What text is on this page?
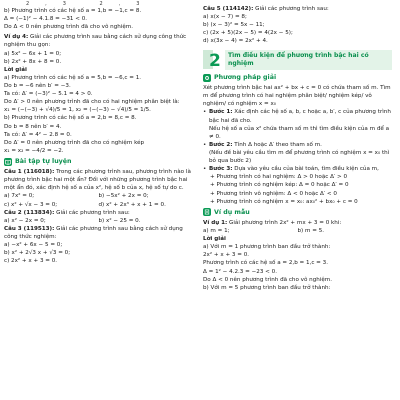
2,3 2,3
b) Phương trình có các hệ số a = 1,b = −1,c = 8.
Δ = (−1)² − 4.1.8 = −31 < 0.
Do Δ < 0 nên phương trình đã cho vô nghiệm.

Ví dụ 4: Giải các phương trình sau bằng cách sử dụng công thức nghiệm thu gọn:

a) 5x² − 6x + 1 = 0;
b) 2x² + 8x + 8 = 0.
Lời giải
a) Phương trình có các hệ số a = 5,b = −6,c = 1.
Do b = −6 nên b′ = −3.
Ta có: Δ′ = (−3)² − 5.1 = 4 > 0.

Do Δ′ > 0 nên phương trình đã cho có hai nghiệm phân biệt là:

x₁ = (−(−3) + √4)/5 = 1, x₂ = (−(−3) − √4)/5 = 1/5.
b) Phương trình có các hệ số a = 2,b = 8,c = 8.
Do b = 8 nên b′ = 4.
Ta có: Δ′ = 4² − 2.8 = 0.
Do Δ′ = 0 nên phương trình đã cho có nghiệm kép
x₁ = x₂ = −4/2 = −2.
Bài tập tự luyện

Câu 1 (116018): Trong các phương trình sau, phương trình nào là phương trình bậc hai một ẩn? Đối với những phương trình bậc hai một ẩn đó, xác định hệ số a của x², hệ số b của x, hệ số tự do c.

a) 7x² = 0;	b) −5x² + 2x = 0;
c) x² + √x − 3 = 0;	d) x² + 2x³ + x + 1 = 0.

Câu 2 (113834): Giải các phương trình sau:

a) x² − 2x = 0;	b) x² − 25 = 0.

Câu 3 (119513): Giải các phương trình sau bằng cách sử dụng công thức nghiệm:

a) −x² + 6x − 5 = 0;
b) x² + 2√3 x + √3 = 0;
c) 2x² + x + 3 = 0.

Câu 5 (114142): Giải các phương trình sau:

a) x(x − 7) = 8;
b) (x − 3)² = 5x − 11;
c) (2x + 5)(2x − 5) = 4(2x − 5);
d) x(3x − 4) = 2x² + 4.
2	Tìm điều kiện để phương trình bậc hai có nghiệm
Phương pháp giải

Xét phương trình bậc hai ax² + bx + c = 0 có chứa tham số m. Tìm m để phương trình có hai nghiệm phân biệt/ nghiệm kép/ vô nghiệm/ có nghiệm x = x₀

• Bước 1: Xác định các hệ số a, b, c hoặc a, b′, c của phương trình bậc hai đã cho.

Nếu hệ số a của x² chứa tham số m thì tìm điều kiện của m để a ≠ 0.

• Bước 2: Tính Δ hoặc Δ′ theo tham số m.

(Nếu đề bài yêu cầu tìm m để phương trình có nghiệm x = x₀ thì bỏ qua bước 2)

• Bước 3: Dựa vào yêu cầu của bài toán, tìm điều kiện của m,

+ Phương trình có hai nghiệm: Δ > 0 hoặc Δ′ > 0
+ Phương trình có nghiệm kép: Δ = 0 hoặc Δ′ = 0
+ Phương trình vô nghiệm: Δ < 0 hoặc Δ′ < 0
+ Phương trình có nghiệm x = x₀: ax₀² + bx₀ + c = 0
Ví dụ mẫu

Ví dụ 1: Giải phương trình 2x² + mx + 3 = 0 khi:

a) m = 1;	b) m = 5.
Lời giải
a) Với m = 1 phương trình ban đầu trở thành:
2x² + x + 3 = 0.
Phương trình có các hệ số a = 2,b = 1,c = 3.
Δ = 1² − 4.2.3 = −23 < 0.
Do Δ < 0 nên phương trình đã cho vô nghiệm.
b) Với m = 5 phương trình ban đầu trở thành:
